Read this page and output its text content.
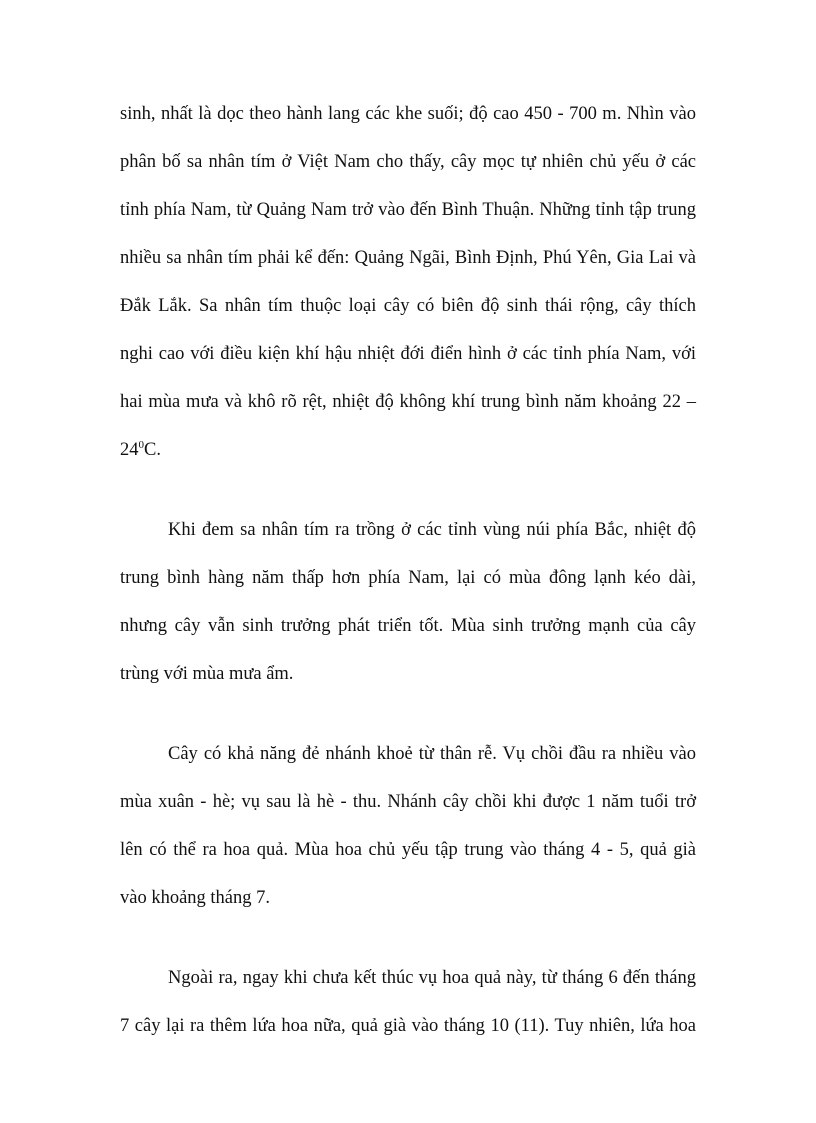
sinh, nhất là dọc theo hành lang các khe suối; độ cao 450 - 700 m. Nhìn vào
phân bố sa nhân tím ở Việt Nam cho thấy, cây mọc tự nhiên chủ yếu ở các
tỉnh phía Nam, từ Quảng Nam trở vào đến Bình Thuận. Những tỉnh tập trung
nhiều sa nhân tím phải kể đến: Quảng Ngãi, Bình Định, Phú Yên, Gia Lai và
Đắk Lắk. Sa nhân tím thuộc loại cây có biên độ sinh thái rộng, cây thích
nghi cao với điều kiện khí hậu nhiệt đới điển hình ở các tỉnh phía Nam, với
hai mùa mưa và khô rõ rệt, nhiệt độ không khí trung bình năm khoảng 22 –
$24^0C$.
Khi đem sa nhân tím ra trồng ở các tỉnh vùng núi phía Bắc, nhiệt độ
trung bình hàng năm thấp hơn phía Nam, lại có mùa đông lạnh kéo dài,
nhưng cây vẫn sinh trưởng phát triển tốt. Mùa sinh trưởng mạnh của cây
trùng với mùa mưa ẩm.
Cây có khả năng đẻ nhánh khoẻ từ thân rễ. Vụ chồi đầu ra nhiều vào
mùa xuân - hè; vụ sau là hè - thu. Nhánh cây chồi khi được 1 năm tuổi trở
lên có thể ra hoa quả. Mùa hoa chủ yếu tập trung vào tháng 4 - 5, quả già
vào khoảng tháng 7.
Ngoài ra, ngay khi chưa kết thúc vụ hoa quả này, từ tháng 6 đến tháng
7 cây lại ra thêm lứa hoa nữa, quả già vào tháng 10 (11). Tuy nhiên, lứa hoa
